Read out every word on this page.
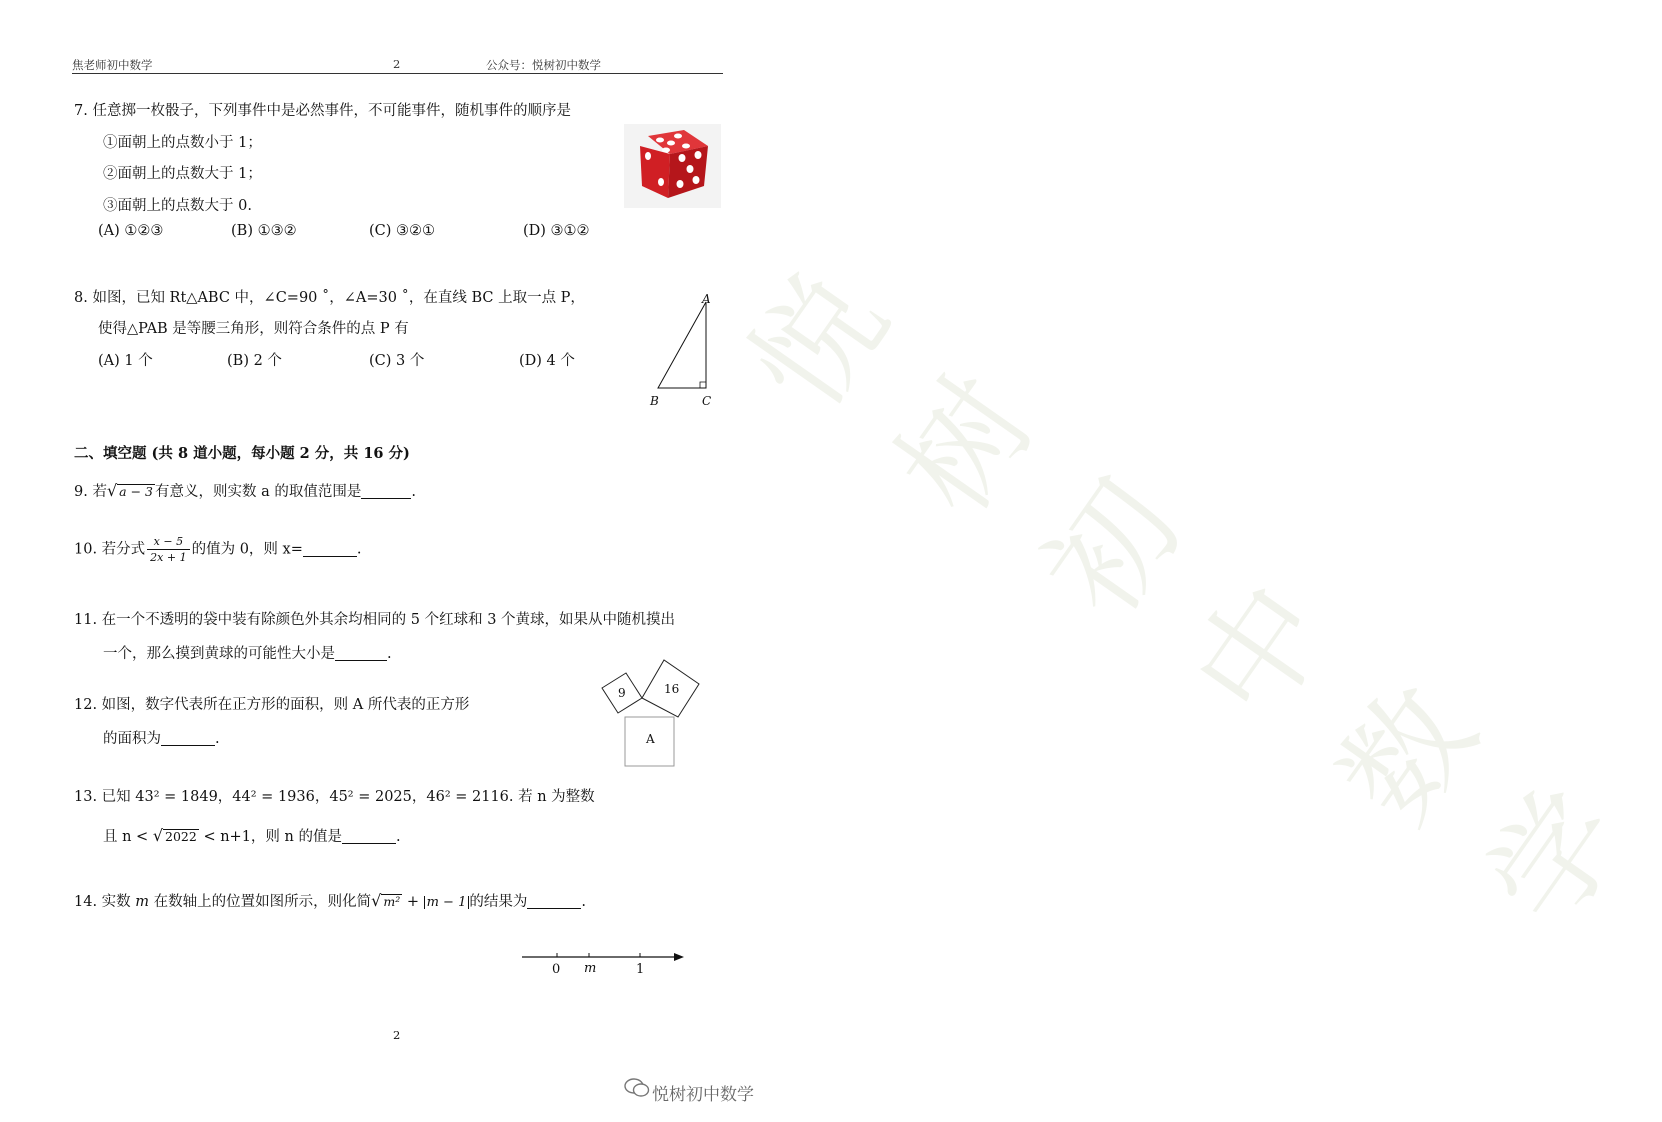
悦树初中数学
焦老师初中数学	2	公众号：悦树初中数学
7. 任意掷一枚骰子，下列事件中是必然事件，不可能事件，随机事件的顺序是
①面朝上的点数小于 1；
②面朝上的点数大于 1；
③面朝上的点数大于 0.
(A) ①②③	(B) ①③②	(C) ③②①	(D) ③①②
8. 如图，已知 Rt△ABC 中，∠C=90 ˚，∠A=30 ˚，在直线 BC 上取一点 P，
使得△PAB 是等腰三角形，则符合条件的点 P 有
(A) 1 个	(B) 2 个	(C) 3 个	(D) 4 个
A
B	C
二、填空题 (共 8 道小题，每小题 2 分，共 16 分)
9. 若√ a − 3 有意义，则实数 a 的取值范围是	.
10. 若分式 $\frac{x - 5}{2x + 1}$ 的值为 0，则 x=	.
11. 在一个不透明的袋中装有除颜色外其余均相同的 5 个红球和 3 个黄球，如果从中随机摸出
一个，那么摸到黄球的可能性大小是	.
12. 如图，数字代表所在正方形的面积，则 A 所代表的正方形
的面积为	.
9	16
A
13. 已知 43² = 1849，44² = 1936，45² = 2025，46² = 2116. 若 n 为整数
且 n < √ 2022 < n+1，则 n 的值是	.
14. 实数 m 在数轴上的位置如图所示，则化简√ m² + m − 1 的结果为	.
0 m	1
2
悦树初中数学
